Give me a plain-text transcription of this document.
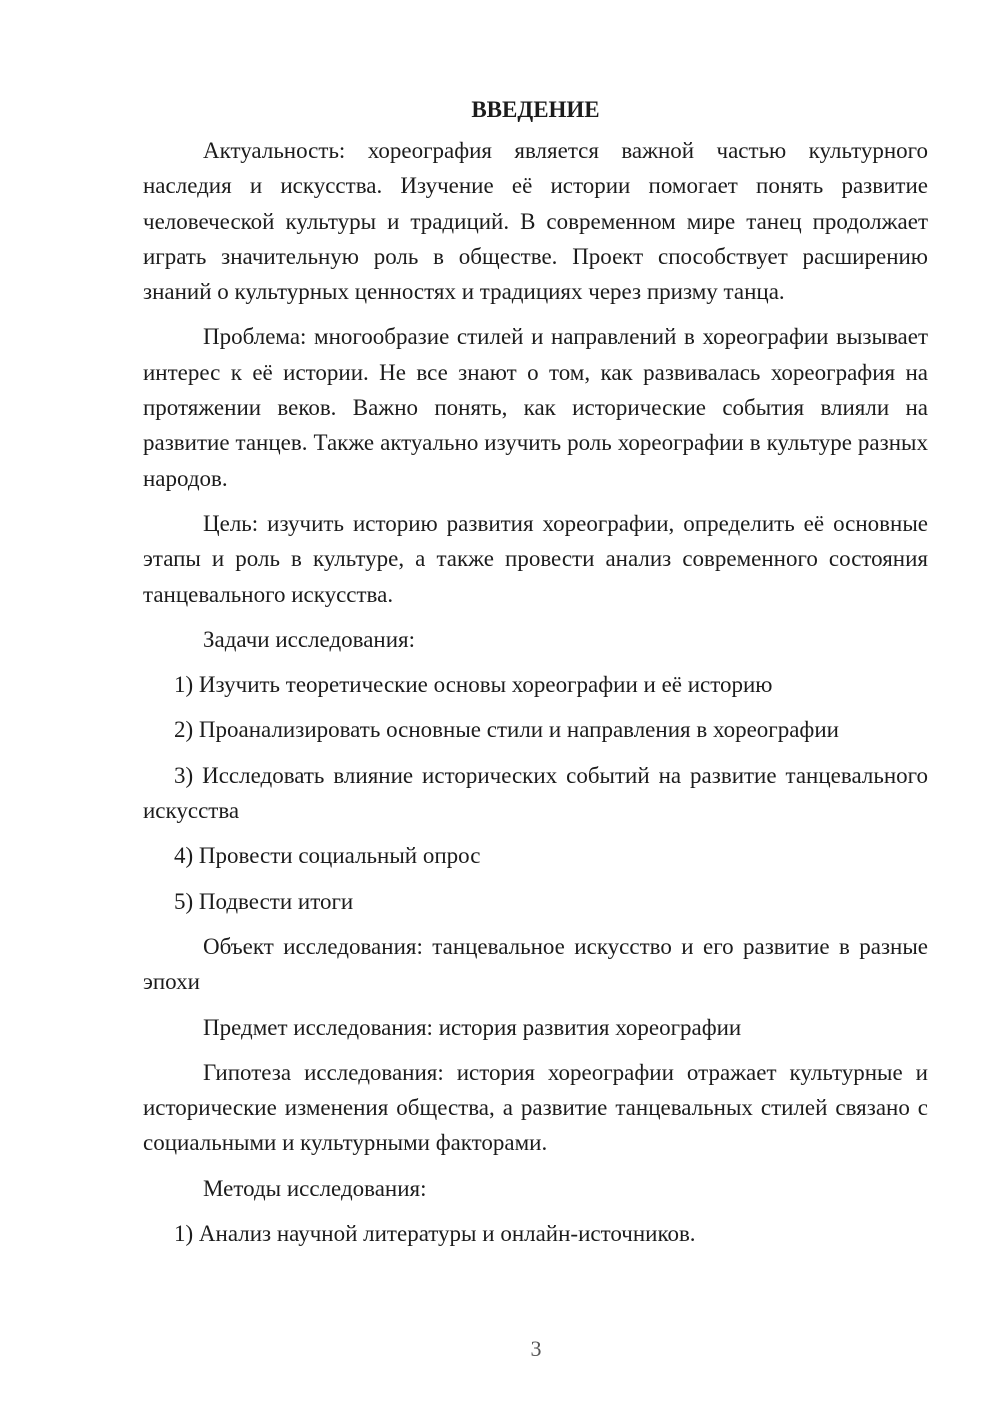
ВВЕДЕНИЕ

Актуальность: хореография является важной частью культурного наследия и искусства. Изучение её истории помогает понять развитие человеческой культуры и традиций. В современном мире танец продолжает играть значительную роль в обществе. Проект способствует расширению знаний о культурных ценностях и традициях через призму танца.

Проблема: многообразие стилей и направлений в хореографии вызывает интерес к её истории. Не все знают о том, как развивалась хореография на протяжении веков. Важно понять, как исторические события влияли на развитие танцев. Также актуально изучить роль хореографии в культуре разных народов.

Цель: изучить историю развития хореографии, определить её основные этапы и роль в культуре, а также провести анализ современного состояния танцевального искусства.

Задачи исследования:

1) Изучить теоретические основы хореографии и её историю

2) Проанализировать основные стили и направления в хореографии

3) Исследовать влияние исторических событий на развитие танцевального искусства

4) Провести социальный опрос

5) Подвести итоги

Объект исследования: танцевальное искусство и его развитие в разные эпохи

Предмет исследования: история развития хореографии

Гипотеза исследования: история хореографии отражает культурные и исторические изменения общества, а развитие танцевальных стилей связано с социальными и культурными факторами.

Методы исследования:

1) Анализ научной литературы и онлайн-источников.

3
